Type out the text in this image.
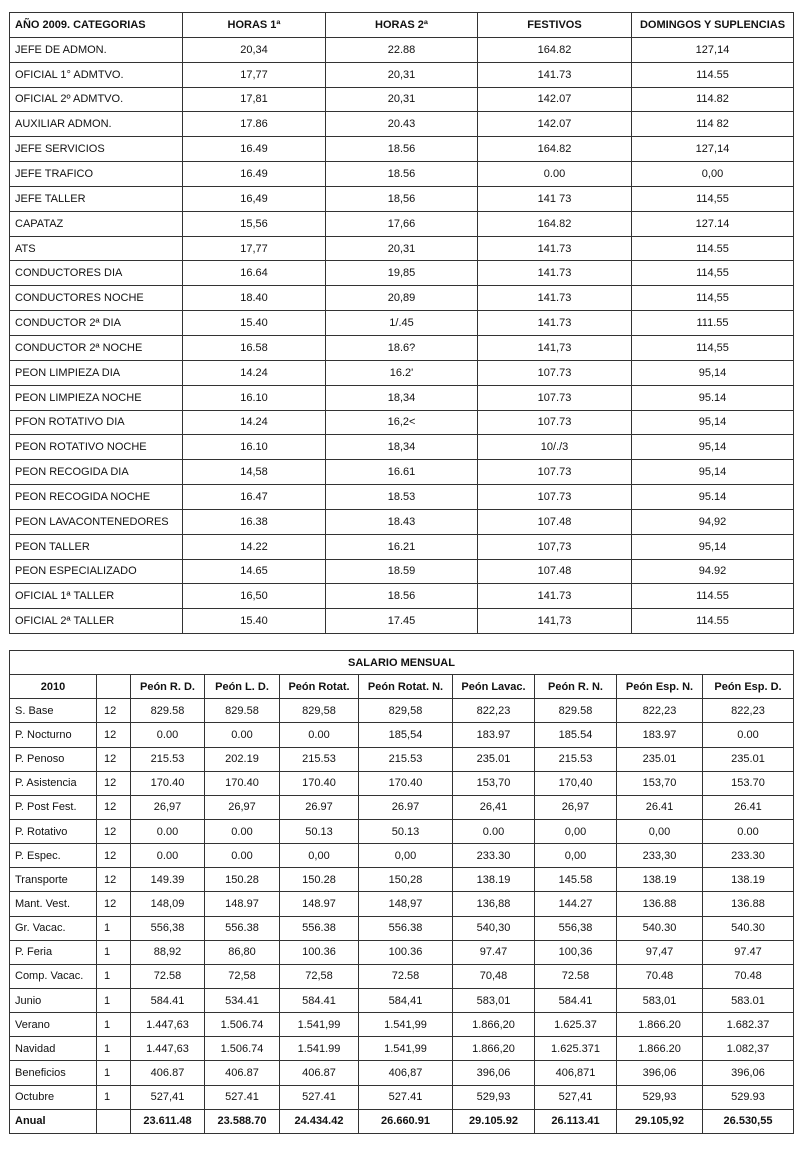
AÑO 2009. CATEGORIAS	HORAS 1ª	HORAS 2ª	FESTIVOS	DOMINGOS Y SUPLENCIAS
JEFE DE ADMON.	20,34	22.88	164.82	127,14
OFICIAL 1° ADMTVO.	17,77	20,31	141.73	114.55
OFICIAL 2º ADMTVO.	17,81	20,31	142.07	114.82
AUXILIAR ADMON.	17.86	20.43	142.07	114 82
JEFE SERVICIOS	16.49	18.56	164.82	127,14
JEFE TRAFICO	16.49	18.56	0.00	0,00
JEFE TALLER	16,49	18,56	141 73	114,55
CAPATAZ	15,56	17,66	164.82	127.14
ATS	17,77	20,31	141.73	114.55
CONDUCTORES DIA	16.64	19,85	141.73	114,55
CONDUCTORES NOCHE	18.40	20,89	141.73	114,55
CONDUCTOR 2ª DIA	15.40	1/.45	141.73	111.55
CONDUCTOR 2ª NOCHE	16.58	18.6?	141,73	114,55
PEON LIMPIEZA DIA	14.24	16.2'	107.73	95,14
PEON LIMPIEZA NOCHE	16.10	18,34	107.73	95.14
PFON ROTATIVO DIA	14.24	16,2<	107.73	95,14
PEON ROTATIVO NOCHE	16.10	18,34	10/./3	95,14
PEON RECOGIDA DIA	14,58	16.61	107.73	95,14
PEON RECOGIDA NOCHE	16.47	18.53	107.73	95.14
PEON LAVACONTENEDORES	16.38	18.43	107.48	94,92
PEON TALLER	14.22	16.21	107,73	95,14
PEON ESPECIALIZADO	14.65	18.59	107.48	94.92
OFICIAL 1ª TALLER	16,50	18.56	141.73	114.55
OFICIAL 2ª TALLER	15.40	17.45	141,73	114.55
SALARIO MENSUAL									
2010		Peón R. D.	Peón L. D.	Peón Rotat.	Peón Rotat. N.	Peón Lavac.	Peón R. N.	Peón Esp. N.	Peón Esp. D.
S. Base	12	829.58	829.58	829,58	829,58	822,23	829.58	822,23	822,23
P. Nocturno	12	0.00	0.00	0.00	185,54	183.97	185.54	183.97	0.00
P. Penoso	12	215.53	202.19	215.53	215.53	235.01	215.53	235.01	235.01
P. Asistencia	12	170.40	170.40	170.40	170.40	153,70	170,40	153,70	153.70
P. Post Fest.	12	26,97	26,97	26.97	26.97	26,41	26,97	26.41	26.41
P. Rotativo	12	0.00	0.00	50.13	50.13	0.00	0,00	0,00	0.00
P. Espec.	12	0.00	0.00	0,00	0,00	233.30	0,00	233,30	233.30
Transporte	12	149.39	150.28	150.28	150,28	138.19	145.58	138.19	138.19
Mant. Vest.	12	148,09	148.97	148.97	148,97	136,88	144.27	136.88	136.88
Gr. Vacac.	1	556,38	556.38	556.38	556.38	540,30	556,38	540.30	540.30
P. Feria	1	88,92	86,80	100.36	100.36	97.47	100,36	97,47	97.47
Comp. Vacac.	1	72.58	72,58	72,58	72.58	70,48	72.58	70.48	70.48
Junio	1	584.41	534.41	584.41	584,41	583,01	584.41	583,01	583.01
Verano	1	1.447,63	1.506.74	1.541,99	1.541,99	1.866,20	1.625.37	1.866.20	1.682.37
Navidad	1	1.447,63	1.506.74	1.541.99	1.541,99	1.866,20	1.625.371	1.866.20	1.082,37
Beneficios	1	406.87	406.87	406.87	406,87	396,06	406,871	396,06	396,06
Octubre	1	527,41	527.41	527.41	527.41	529,93	527,41	529,93	529.93
Anual		23.611.48	23.588.70	24.434.42	26.660.91	29.105.92	26.113.41	29.105,92	26.530,55
